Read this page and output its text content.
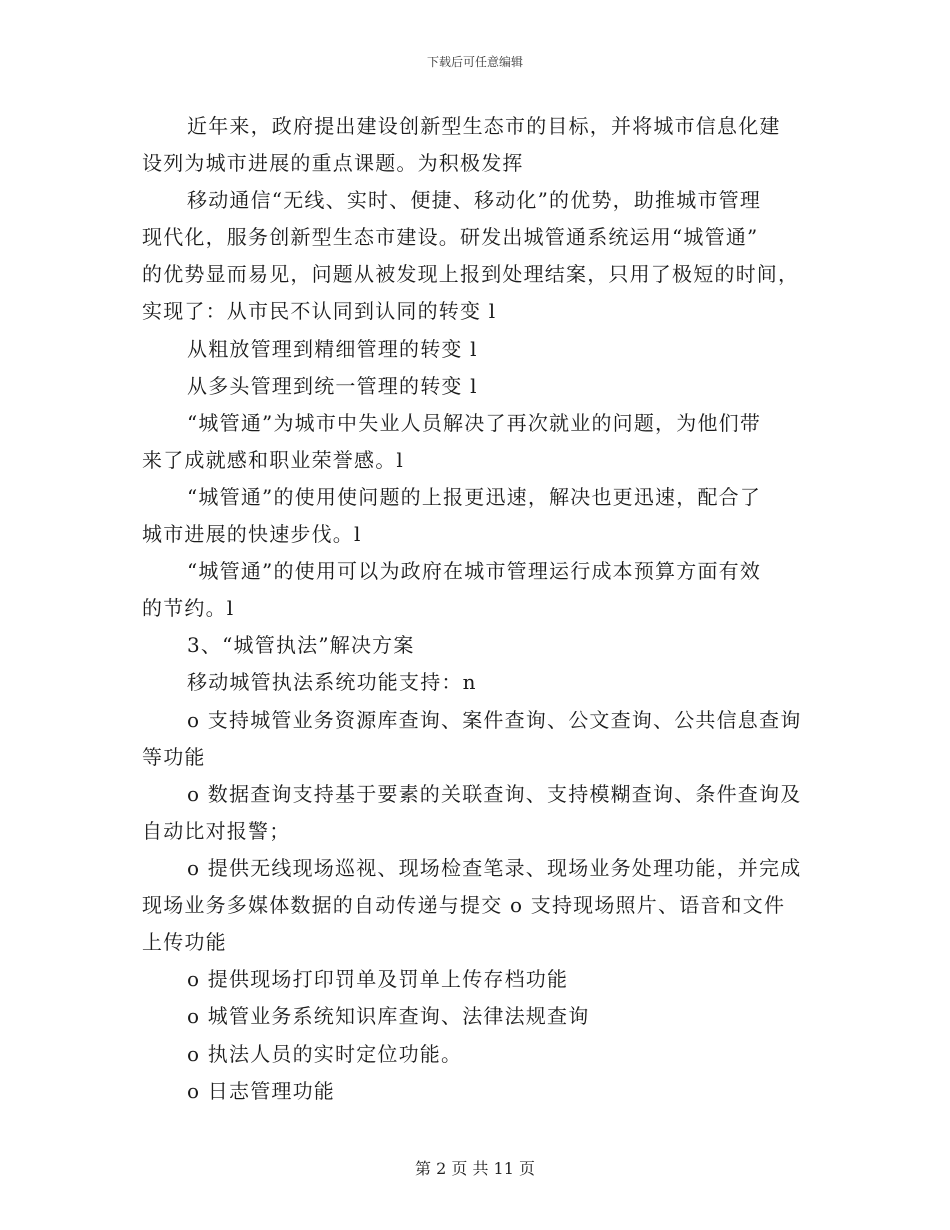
下载后可任意编辑
近年来，政府提出建设创新型生态市的目标，并将城市信息化建
设列为城市进展的重点课题。为积极发挥
移动通信“无线、实时、便捷、移动化”的优势，助推城市管理
现代化，服务创新型生态市建设。研发出城管通系统运用“城管通”
的优势显而易见，问题从被发现上报到处理结案，只用了极短的时间，
实现了：从市民不认同到认同的转变 l
从粗放管理到精细管理的转变 l
从多头管理到统一管理的转变 l
“城管通”为城市中失业人员解决了再次就业的问题，为他们带
来了成就感和职业荣誉感。l
“城管通”的使用使问题的上报更迅速，解决也更迅速，配合了
城市进展的快速步伐。l
“城管通”的使用可以为政府在城市管理运行成本预算方面有效
的节约。l
3、“城管执法”解决方案
移动城管执法系统功能支持：n
o 支持城管业务资源库查询、案件查询、公文查询、公共信息查询
等功能
o 数据查询支持基于要素的关联查询、支持模糊查询、条件查询及
自动比对报警；
o 提供无线现场巡视、现场检查笔录、现场业务处理功能，并完成
现场业务多媒体数据的自动传递与提交 o 支持现场照片、语音和文件
上传功能
o 提供现场打印罚单及罚单上传存档功能
o 城管业务系统知识库查询、法律法规查询
o 执法人员的实时定位功能。
o 日志管理功能
第 2 页 共 11 页
